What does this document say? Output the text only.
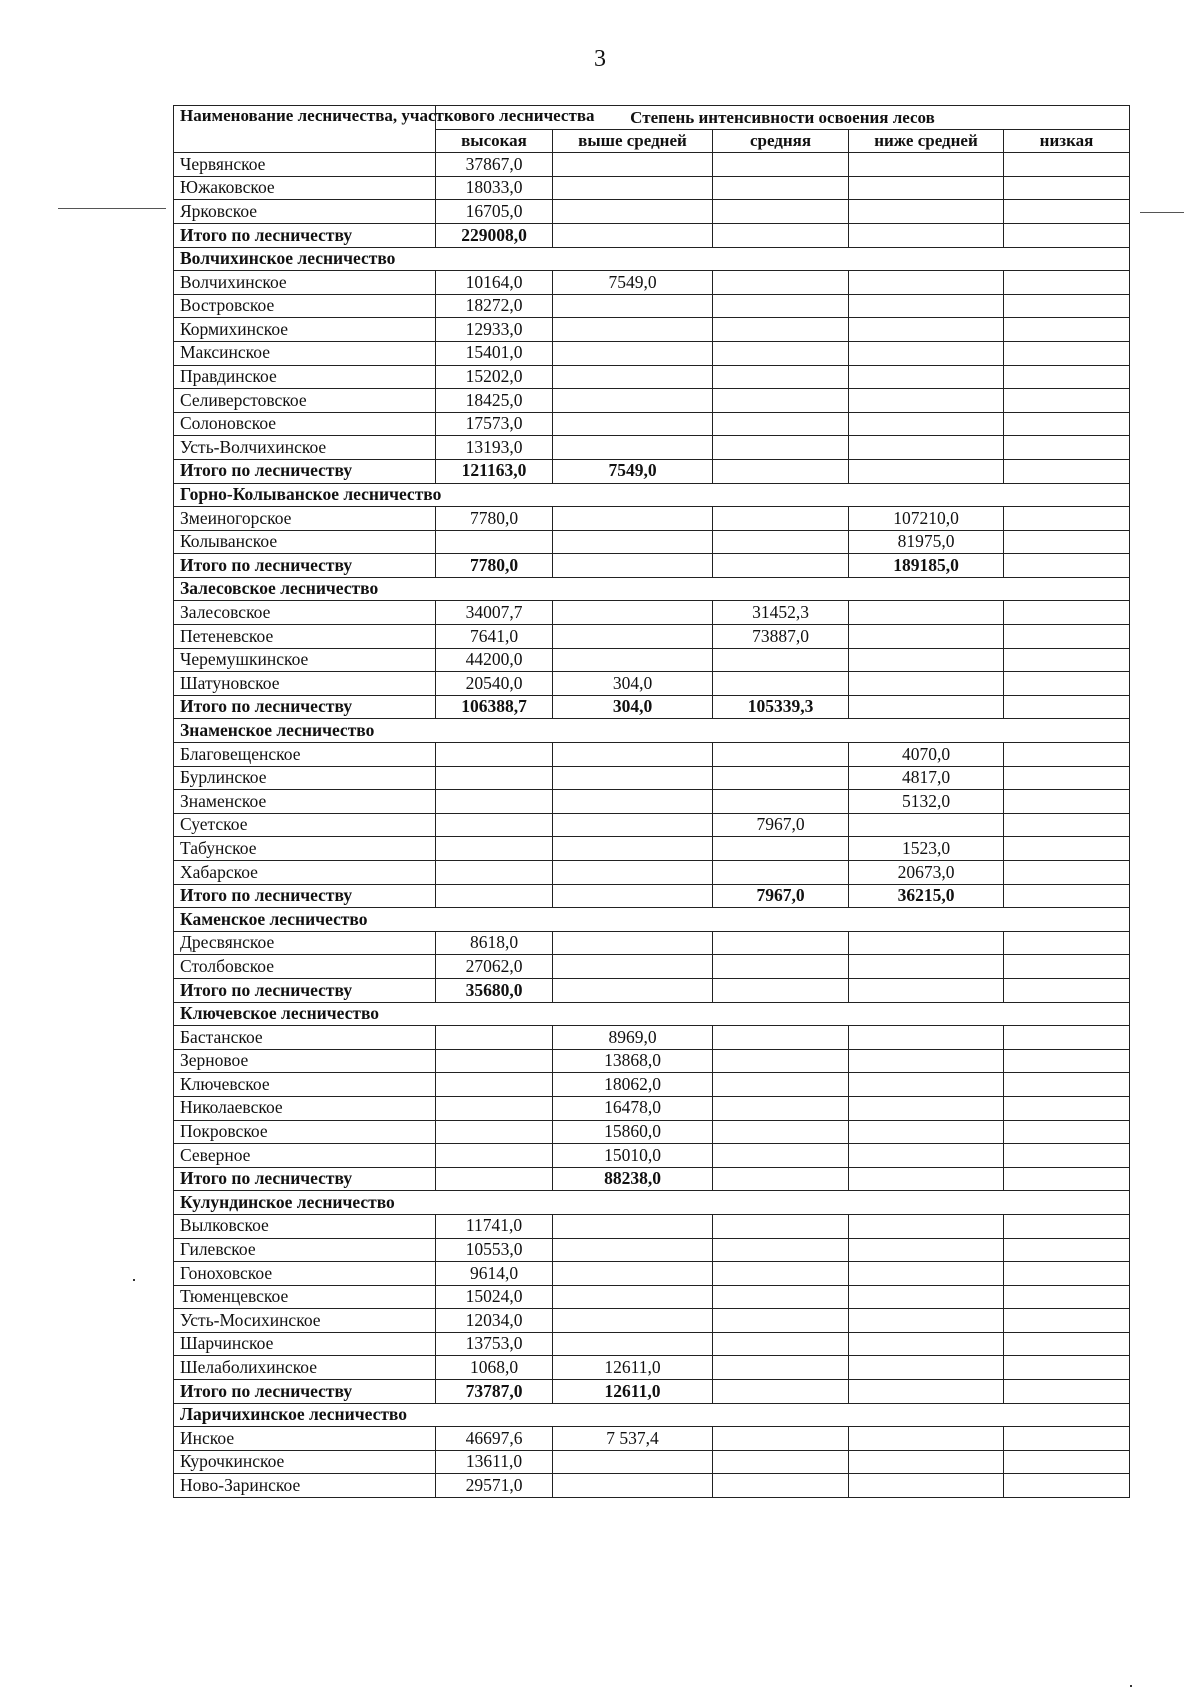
3
Наименование лесничества, участкового лесничества	Степень интенсивности освоения лесов				
	высокая	выше средней	средняя	ниже средней	низкая
Червянское	37867,0				
Южаковское	18033,0				
Ярковское	16705,0				
Итого по лесничеству	229008,0				
Волчихинское лесничество					
Волчихинское	10164,0	7549,0			
Востровское	18272,0				
Кормихинское	12933,0				
Максинское	15401,0				
Правдинское	15202,0				
Селиверстовское	18425,0				
Солоновское	17573,0				
Усть-Волчихинское	13193,0				
Итого по лесничеству	121163,0	7549,0			
Горно-Колыванское лесничество					
Змеиногорское	7780,0			107210,0	
Колыванское				81975,0	
Итого по лесничеству	7780,0			189185,0	
Залесовское лесничество					
Залесовское	34007,7		31452,3		
Петеневское	7641,0		73887,0		
Черемушкинское	44200,0				
Шатуновское	20540,0	304,0			
Итого по лесничеству	106388,7	304,0	105339,3		
Знаменское лесничество					
Благовещенское				4070,0	
Бурлинское				4817,0	
Знаменское				5132,0	
Суетское			7967,0		
Табунское				1523,0	
Хабарское				20673,0	
Итого по лесничеству			7967,0	36215,0	
Каменское лесничество					
Дресвянское	8618,0				
Столбовское	27062,0				
Итого по лесничеству	35680,0				
Ключевское лесничество					
Бастанское		8969,0			
Зерновое		13868,0			
Ключевское		18062,0			
Николаевское		16478,0			
Покровское		15860,0			
Северное		15010,0			
Итого по лесничеству		88238,0			
Кулундинское лесничество					
Вылковское	11741,0				
Гилевское	10553,0				
Гоноховское	9614,0				
Тюменцевское	15024,0				
Усть-Мосихинское	12034,0				
Шарчинское	13753,0				
Шелаболихинское	1068,0	12611,0			
Итого по лесничеству	73787,0	12611,0			
Ларичихинское лесничество					
Инское	46697,6	7 537,4			
Курочкинское	13611,0				
Ново-Заринское	29571,0				
